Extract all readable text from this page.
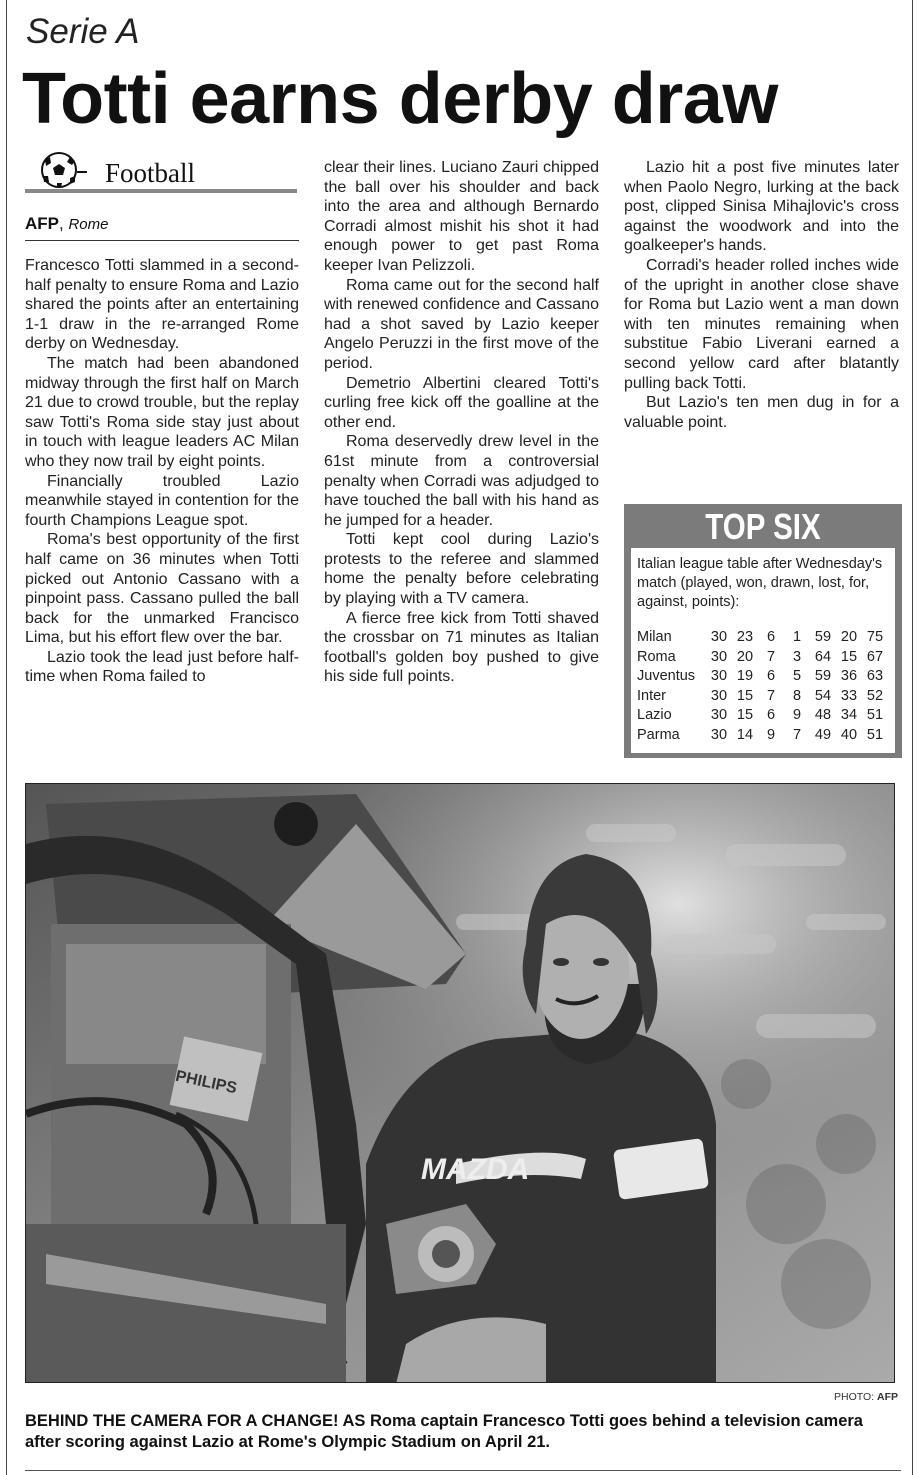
Serie A
Totti earns derby draw
Football
AFP, Rome

Francesco Totti slammed in a second-half penalty to ensure Roma and Lazio shared the points after an entertaining 1-1 draw in the re-arranged Rome derby on Wednesday.

The match had been abandoned midway through the first half on March 21 due to crowd trouble, but the replay saw Totti's Roma side stay just about in touch with league leaders AC Milan who they now trail by eight points.

Financially troubled Lazio meanwhile stayed in contention for the fourth Champions League spot.

Roma's best opportunity of the first half came on 36 minutes when Totti picked out Antonio Cassano with a pinpoint pass. Cassano pulled the ball back for the unmarked Francisco Lima, but his effort flew over the bar.

Lazio took the lead just before half-time when Roma failed to

clear their lines. Luciano Zauri chipped the ball over his shoulder and back into the area and although Bernardo Corradi almost mishit his shot it had enough power to get past Roma keeper Ivan Pelizzoli.

Roma came out for the second half with renewed confidence and Cassano had a shot saved by Lazio keeper Angelo Peruzzi in the first move of the period.

Demetrio Albertini cleared Totti's curling free kick off the goalline at the other end.

Roma deservedly drew level in the 61st minute from a controversial penalty when Corradi was adjudged to have touched the ball with his hand as he jumped for a header.

Totti kept cool during Lazio's protests to the referee and slammed home the penalty before celebrating by playing with a TV camera.

A fierce free kick from Totti shaved the crossbar on 71 minutes as Italian football's golden boy pushed to give his side full points.

Lazio hit a post five minutes later when Paolo Negro, lurking at the back post, clipped Sinisa Mihajlovic's cross against the woodwork and into the goalkeeper's hands.

Corradi's header rolled inches wide of the upright in another close shave for Roma but Lazio went a man down with ten minutes remaining when substitue Fabio Liverani earned a second yellow card after blatantly pulling back Totti.

But Lazio's ten men dug in for a valuable point.

TOP SIX
Italian league table after Wednesday's match (played, won, drawn, lost, for, against, points):
Milan	30	23	6	1	59	20	75
Roma	30	20	7	3	64	15	67
Juventus	30	19	6	5	59	36	63
Inter	30	15	7	8	54	33	52
Lazio	30	15	6	9	48	34	51
Parma	30	14	9	7	49	40	51
MAZDA
PHILIPS
PHOTO: AFP
BEHIND THE CAMERA FOR A CHANGE! AS Roma captain Francesco Totti goes behind a television camera after scoring against Lazio at Rome's Olympic Stadium on April 21.
